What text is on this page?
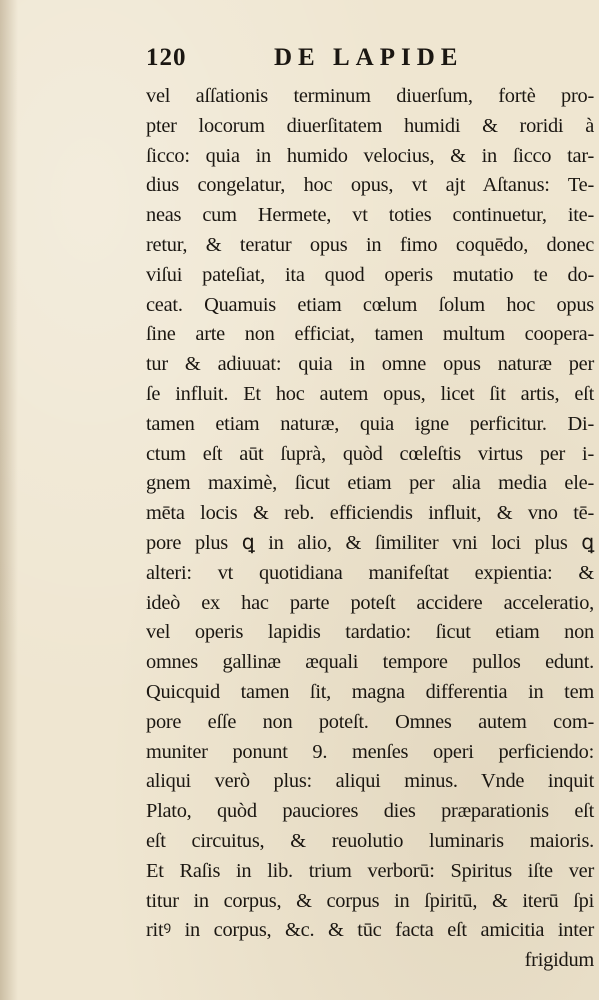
120	DE LAPIDE
vel aſſationis terminum diuerſum, fortè pro-
pter locorum diuerſitatem humidi & roridi à
ſicco: quia in humido velocius, & in ſicco tar-
dius congelatur, hoc opus, vt ajt Aſtanus: Te-
neas cum Hermete, vt toties continuetur, ite-
retur, & teratur opus in fimo coquēdo, donec
viſui pateſiat, ita quod operis mutatio te do-
ceat. Quamuis etiam cœlum ſolum hoc opus
ſine arte non efficiat, tamen multum coopera-
tur & adiuuat: quia in omne opus naturæ per
ſe influit. Et hoc autem opus, licet ſit artis, eſt
tamen etiam naturæ, quia igne perficitur. Di-
ctum eſt aūt ſuprà, quòd cœleſtis virtus per i-
gnem maximè, ſicut etiam per alia media ele-
mēta locis & reb. efficiendis influit, & vno tē-
pore plus ꝗ in alio, & ſimiliter vni loci plus ꝗ
alteri: vt quotidiana manifeſtat expientia: &
ideò ex hac parte poteſt accidere acceleratio,
vel operis lapidis tardatio: ſicut etiam non
omnes gallinæ æquali tempore pullos edunt.
Quicquid tamen ſit, magna differentia in tem
pore eſſe non poteſt. Omnes autem com-
muniter ponunt 9. menſes operi perficiendo:
aliqui verò plus: aliqui minus. Vnde inquit
Plato, quòd pauciores dies præparationis eſt
eſt circuitus, & reuolutio luminaris maioris.
Et Raſis in lib. trium verborū: Spiritus iſte ver
titur in corpus, & corpus in ſpiritū, & iterū ſpi
ritꝰ in corpus, &c. & tūc facta eſt amicitia inter
frigidum
